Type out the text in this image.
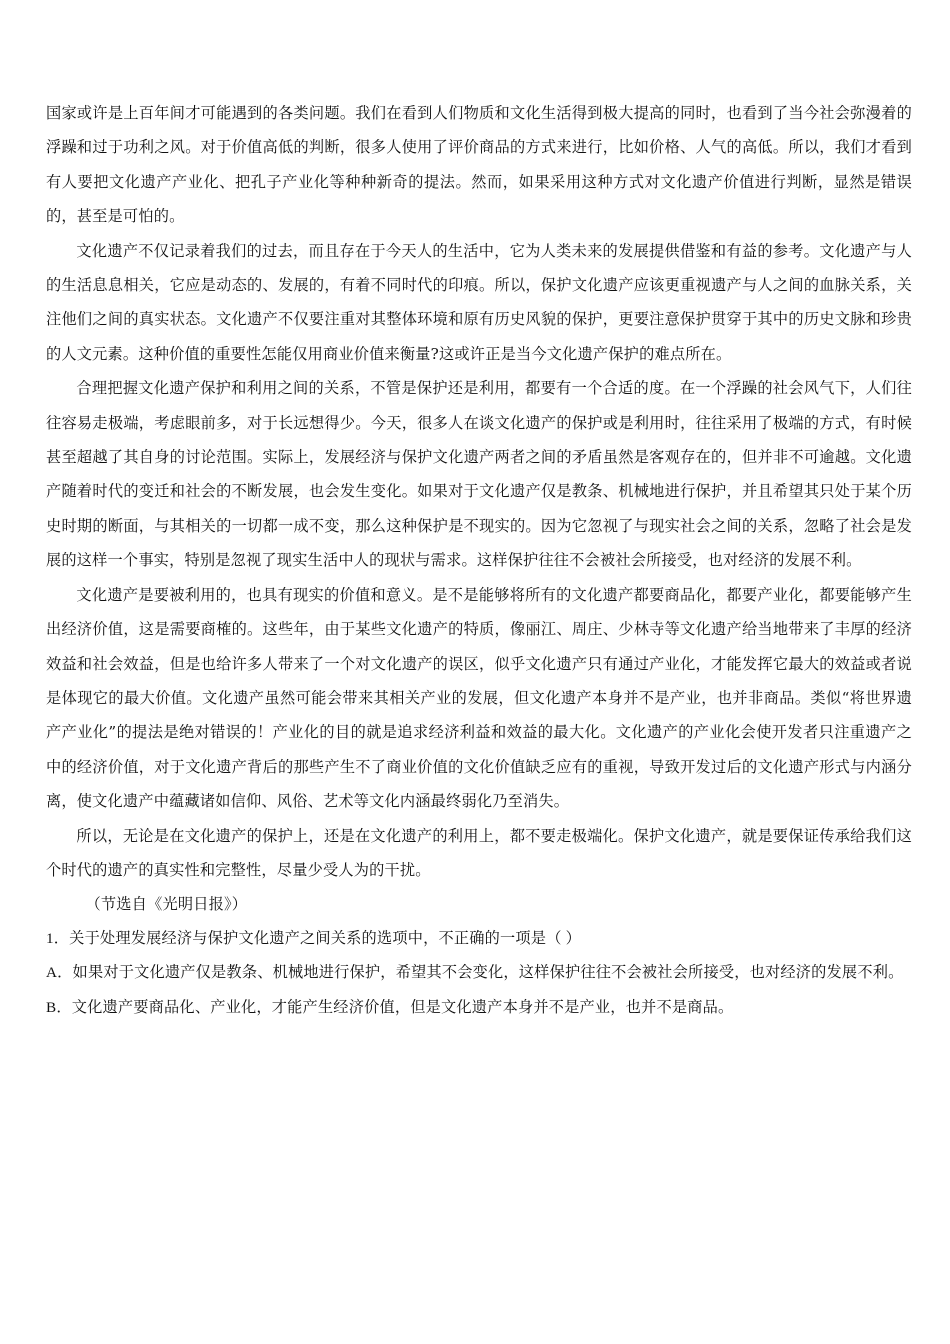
国家或许是上百年间才可能遇到的各类问题。我们在看到人们物质和文化生活得到极大提高的同时，也看到了当今社会弥漫着的浮躁和过于功利之风。对于价值高低的判断，很多人使用了评价商品的方式来进行，比如价格、人气的高低。所以，我们才看到有人要把文化遗产产业化、把孔子产业化等种种新奇的提法。然而，如果采用这种方式对文化遗产价值进行判断，显然是错误的，甚至是可怕的。

文化遗产不仅记录着我们的过去，而且存在于今天人的生活中，它为人类未来的发展提供借鉴和有益的参考。文化遗产与人的生活息息相关，它应是动态的、发展的，有着不同时代的印痕。所以，保护文化遗产应该更重视遗产与人之间的血脉关系，关注他们之间的真实状态。文化遗产不仅要注重对其整体环境和原有历史风貌的保护，更要注意保护贯穿于其中的历史文脉和珍贵的人文元素。这种价值的重要性怎能仅用商业价值来衡量?这或许正是当今文化遗产保护的难点所在。

合理把握文化遗产保护和利用之间的关系，不管是保护还是利用，都要有一个合适的度。在一个浮躁的社会风气下，人们往往容易走极端，考虑眼前多，对于长远想得少。今天，很多人在谈文化遗产的保护或是利用时，往往采用了极端的方式，有时候甚至超越了其自身的讨论范围。实际上，发展经济与保护文化遗产两者之间的矛盾虽然是客观存在的，但并非不可逾越。文化遗产随着时代的变迁和社会的不断发展，也会发生变化。如果对于文化遗产仅是教条、机械地进行保护，并且希望其只处于某个历史时期的断面，与其相关的一切都一成不变，那么这种保护是不现实的。因为它忽视了与现实社会之间的关系，忽略了社会是发展的这样一个事实，特别是忽视了现实生活中人的现状与需求。这样保护往往不会被社会所接受，也对经济的发展不利。

文化遗产是要被利用的，也具有现实的价值和意义。是不是能够将所有的文化遗产都要商品化，都要产业化，都要能够产生出经济价值，这是需要商榷的。这些年，由于某些文化遗产的特质，像丽江、周庄、少林寺等文化遗产给当地带来了丰厚的经济效益和社会效益，但是也给许多人带来了一个对文化遗产的误区，似乎文化遗产只有通过产业化，才能发挥它最大的效益或者说是体现它的最大价值。文化遗产虽然可能会带来其相关产业的发展，但文化遗产本身并不是产业，也并非商品。类似“将世界遗产产业化”的提法是绝对错误的！产业化的目的就是追求经济利益和效益的最大化。文化遗产的产业化会使开发者只注重遗产之中的经济价值，对于文化遗产背后的那些产生不了商业价值的文化价值缺乏应有的重视，导致开发过后的文化遗产形式与内涵分离，使文化遗产中蕴藏诸如信仰、风俗、艺术等文化内涵最终弱化乃至消失。

所以，无论是在文化遗产的保护上，还是在文化遗产的利用上，都不要走极端化。保护文化遗产，就是要保证传承给我们这个时代的遗产的真实性和完整性，尽量少受人为的干扰。

（节选自《光明日报》）

1．关于处理发展经济与保护文化遗产之间关系的选项中，不正确的一项是（ ）

A．如果对于文化遗产仅是教条、机械地进行保护，希望其不会变化，这样保护往往不会被社会所接受，也对经济的发展不利。

B．文化遗产要商品化、产业化，才能产生经济价值，但是文化遗产本身并不是产业，也并不是商品。
